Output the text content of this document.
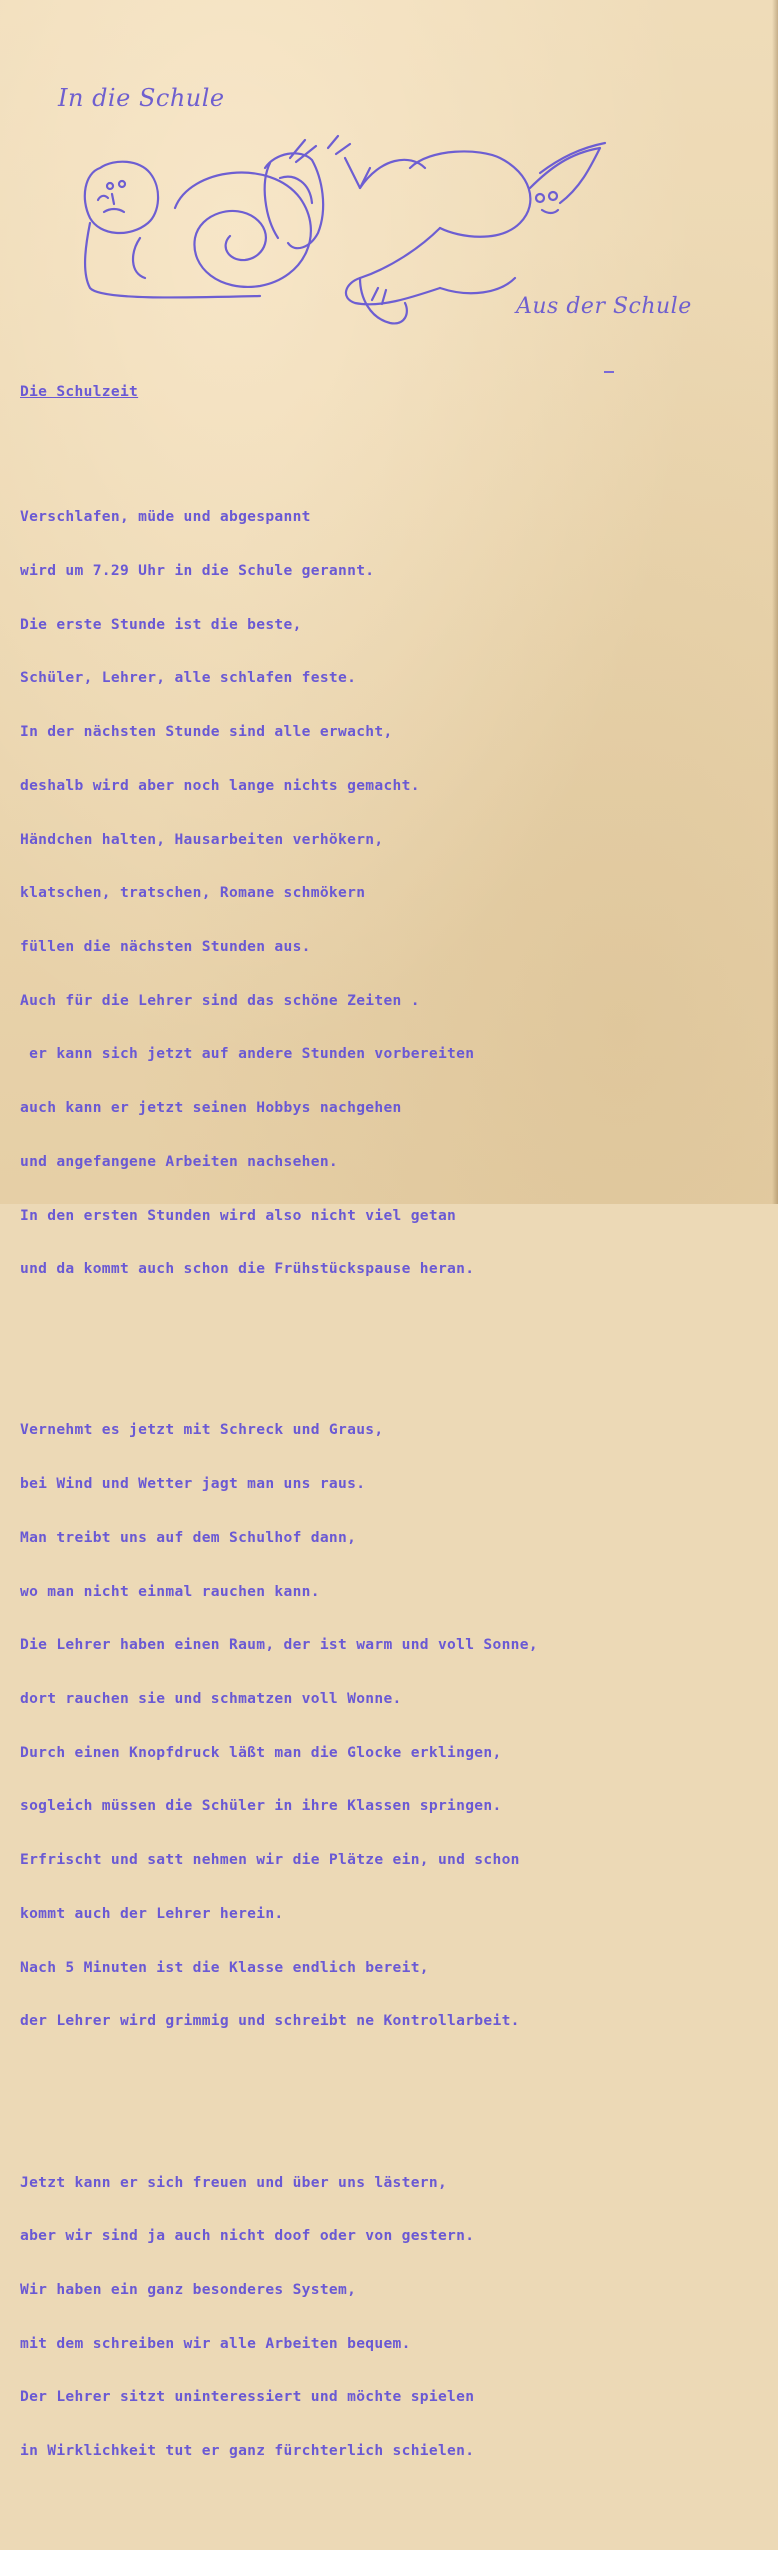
In die Schule
Aus der Schule

Die Schulzeit

Verschlafen, müde und abgespannt

wird um 7.29 Uhr in die Schule gerannt.

Die erste Stunde ist die beste,

Schüler, Lehrer, alle schlafen feste.

In der nächsten Stunde sind alle erwacht,

deshalb wird aber noch lange nichts gemacht.

Händchen halten, Hausarbeiten verhökern,

klatschen, tratschen, Romane schmökern

füllen die nächsten Stunden aus.

Auch für die Lehrer sind das schöne Zeiten .

er kann sich jetzt auf andere Stunden vorbereiten

auch kann er jetzt seinen Hobbys nachgehen

und angefangene Arbeiten nachsehen.

In den ersten Stunden wird also nicht viel getan

und da kommt auch schon die Frühstückspause heran.

Vernehmt es jetzt mit Schreck und Graus,

bei Wind und Wetter jagt man uns raus.

Man treibt uns auf dem Schulhof dann,

wo man nicht einmal rauchen kann.

Die Lehrer haben einen Raum, der ist warm und voll Sonne,

dort rauchen sie und schmatzen voll Wonne.

Durch einen Knopfdruck läßt man die Glocke erklingen,

sogleich müssen die Schüler in ihre Klassen springen.

Erfrischt und satt nehmen wir die Plätze ein, und schon

kommt auch der Lehrer herein.

Nach 5 Minuten ist die Klasse endlich bereit,

der Lehrer wird grimmig und schreibt ne Kontrollarbeit.

Jetzt kann er sich freuen und über uns lästern,

aber wir sind ja auch nicht doof oder von gestern.

Wir haben ein ganz besonderes System,

mit dem schreiben wir alle Arbeiten bequem.

Der Lehrer sitzt uninteressiert und möchte spielen

in Wirklichkeit tut er ganz fürchterlich schielen.
